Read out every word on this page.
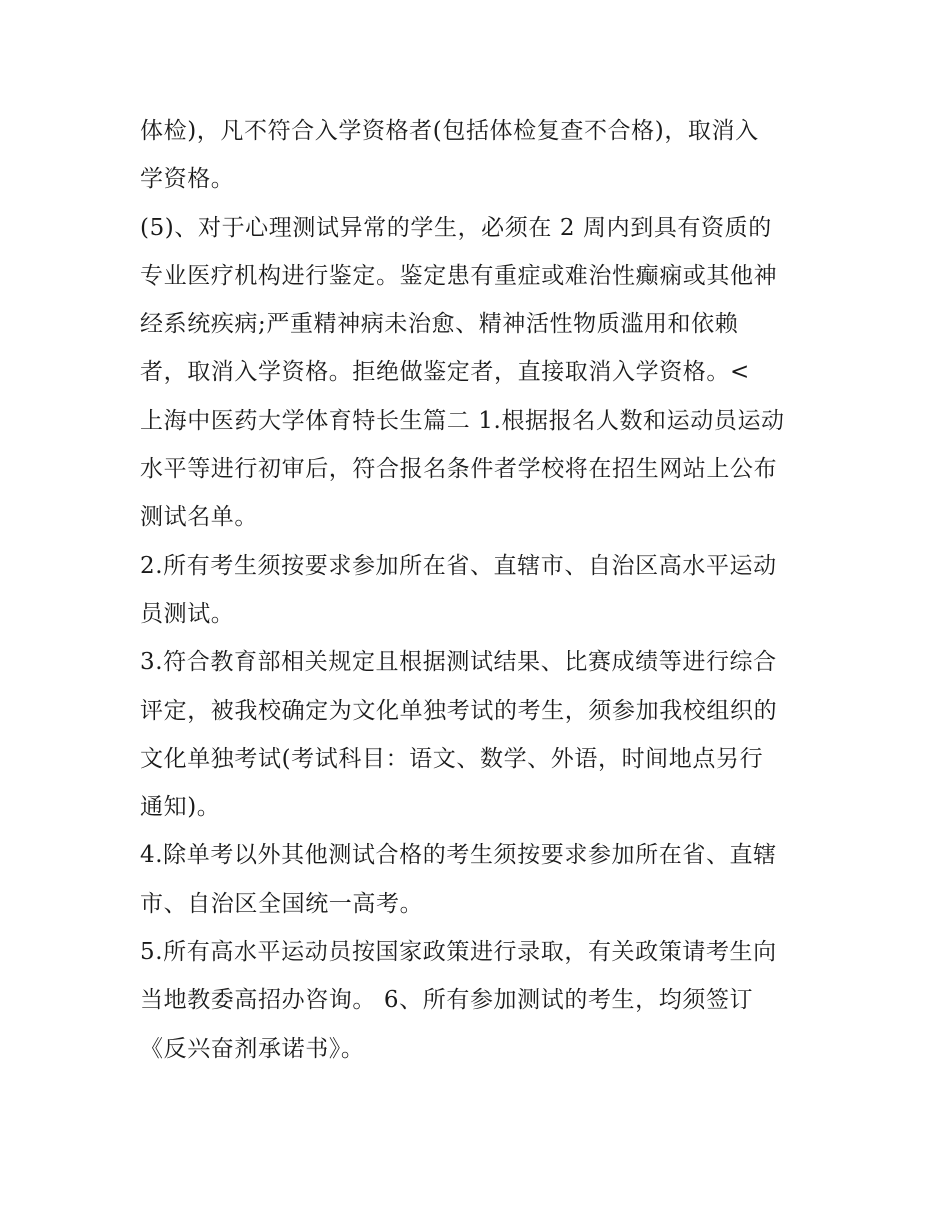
体检)，凡不符合入学资格者(包括体检复查不合格)，取消入
学资格。
(5)、对于心理测试异常的学生，必须在 2 周内到具有资质的
专业医疗机构进行鉴定。鉴定患有重症或难治性癫痫或其他神
经系统疾病;严重精神病未治愈、精神活性物质滥用和依赖
者，取消入学资格。拒绝做鉴定者，直接取消入学资格。<
上海中医药大学体育特长生篇二 1.根据报名人数和运动员运动
水平等进行初审后，符合报名条件者学校将在招生网站上公布
测试名单。
2.所有考生须按要求参加所在省、直辖市、自治区高水平运动
员测试。
3.符合教育部相关规定且根据测试结果、比赛成绩等进行综合
评定，被我校确定为文化单独考试的考生，须参加我校组织的
文化单独考试(考试科目：语文、数学、外语，时间地点另行
通知)。
4.除单考以外其他测试合格的考生须按要求参加所在省、直辖
市、自治区全国统一高考。
5.所有高水平运动员按国家政策进行录取，有关政策请考生向
当地教委高招办咨询。 6、所有参加测试的考生，均须签订
《反兴奋剂承诺书》。
